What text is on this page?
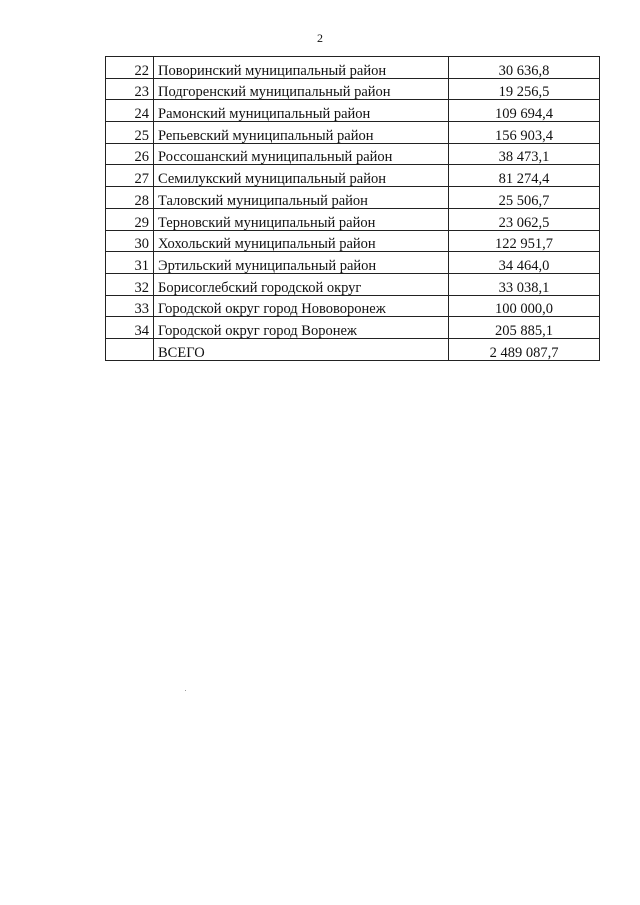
2
22	Поворинский муниципальный район	30 636,8
23	Подгоренский муниципальный район	19 256,5
24	Рамонский муниципальный район	109 694,4
25	Репьевский муниципальный район	156 903,4
26	Россошанский муниципальный район	38 473,1
27	Семилукский муниципальный район	81 274,4
28	Таловский муниципальный район	25 506,7
29	Терновский муниципальный район	23 062,5
30	Хохольский муниципальный район	122 951,7
31	Эртильский муниципальный район	34 464,0
32	Борисоглебский городской округ	33 038,1
33	Городской округ город Нововоронеж	100 000,0
34	Городской округ город Воронеж	205 885,1
	ВСЕГО	2 489 087,7
